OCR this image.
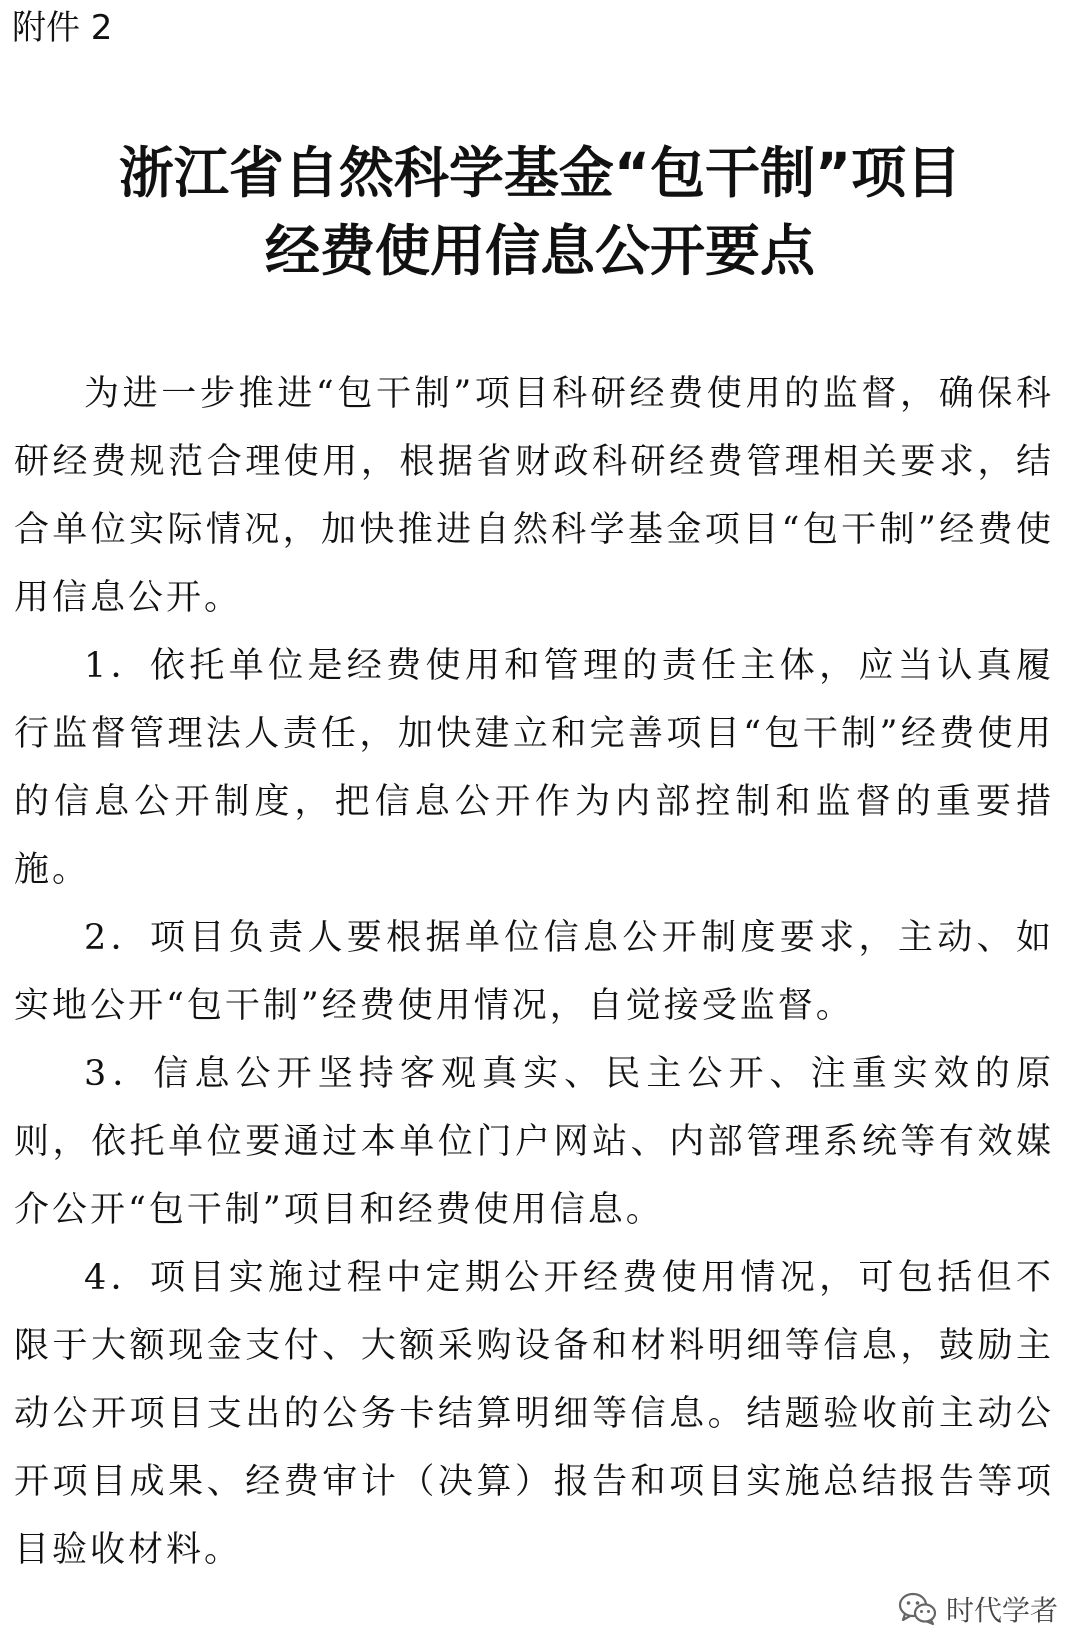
附件 2
浙江省自然科学基金“包干制”项目
经费使用信息公开要点

为进一步推进“包干制”项目科研经费使用的监督，确保科研经费规范合理使用，根据省财政科研经费管理相关要求，结合单位实际情况，加快推进自然科学基金项目“包干制”经费使用信息公开。

1．依托单位是经费使用和管理的责任主体，应当认真履行监督管理法人责任，加快建立和完善项目“包干制”经费使用的信息公开制度，把信息公开作为内部控制和监督的重要措施。

2．项目负责人要根据单位信息公开制度要求，主动、如实地公开“包干制”经费使用情况，自觉接受监督。

3．信息公开坚持客观真实、民主公开、注重实效的原则，依托单位要通过本单位门户网站、内部管理系统等有效媒介公开“包干制”项目和经费使用信息。

4．项目实施过程中定期公开经费使用情况，可包括但不限于大额现金支付、大额采购设备和材料明细等信息，鼓励主动公开项目支出的公务卡结算明细等信息。结题验收前主动公开项目成果、经费审计（决算）报告和项目实施总结报告等项目验收材料。

时代学者
